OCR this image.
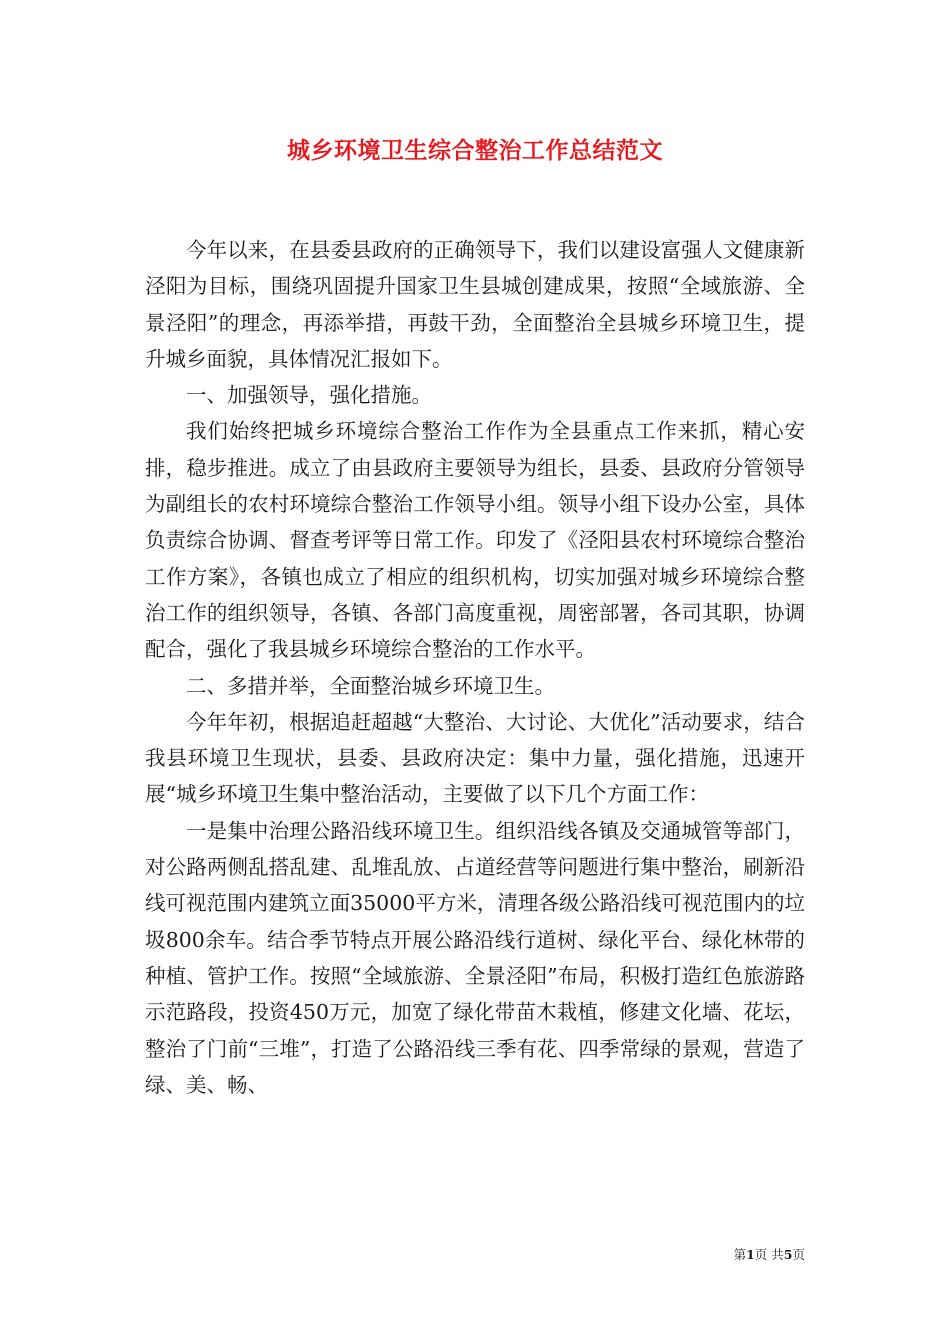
城乡环境卫生综合整治工作总结范文

今年以来，在县委县政府的正确领导下，我们以建设富强人文健康新泾阳为目标，围绕巩固提升国家卫生县城创建成果，按照“全域旅游、全景泾阳”的理念，再添举措，再鼓干劲，全面整治全县城乡环境卫生，提升城乡面貌，具体情况汇报如下。

一、加强领导，强化措施。

我们始终把城乡环境综合整治工作作为全县重点工作来抓，精心安排，稳步推进。成立了由县政府主要领导为组长，县委、县政府分管领导为副组长的农村环境综合整治工作领导小组。领导小组下设办公室，具体负责综合协调、督查考评等日常工作。印发了《泾阳县农村环境综合整治工作方案》，各镇也成立了相应的组织机构，切实加强对城乡环境综合整治工作的组织领导，各镇、各部门高度重视，周密部署，各司其职，协调配合，强化了我县城乡环境综合整治的工作水平。

二、多措并举，全面整治城乡环境卫生。

今年年初，根据追赶超越“大整治、大讨论、大优化”活动要求，结合我县环境卫生现状，县委、县政府决定：集中力量，强化措施，迅速开展“城乡环境卫生集中整治活动，主要做了以下几个方面工作：

一是集中治理公路沿线环境卫生。组织沿线各镇及交通城管等部门，对公路两侧乱搭乱建、乱堆乱放、占道经营等问题进行集中整治，刷新沿线可视范围内建筑立面35000平方米，清理各级公路沿线可视范围内的垃圾800余车。结合季节特点开展公路沿线行道树、绿化平台、绿化林带的种植、管护工作。按照“全域旅游、全景泾阳”布局，积极打造红色旅游路示范路段，投资450万元，加宽了绿化带苗木栽植，修建文化墙、花坛，整治了门前“三堆”，打造了公路沿线三季有花、四季常绿的景观，营造了绿、美、畅、

第1页 共5页
